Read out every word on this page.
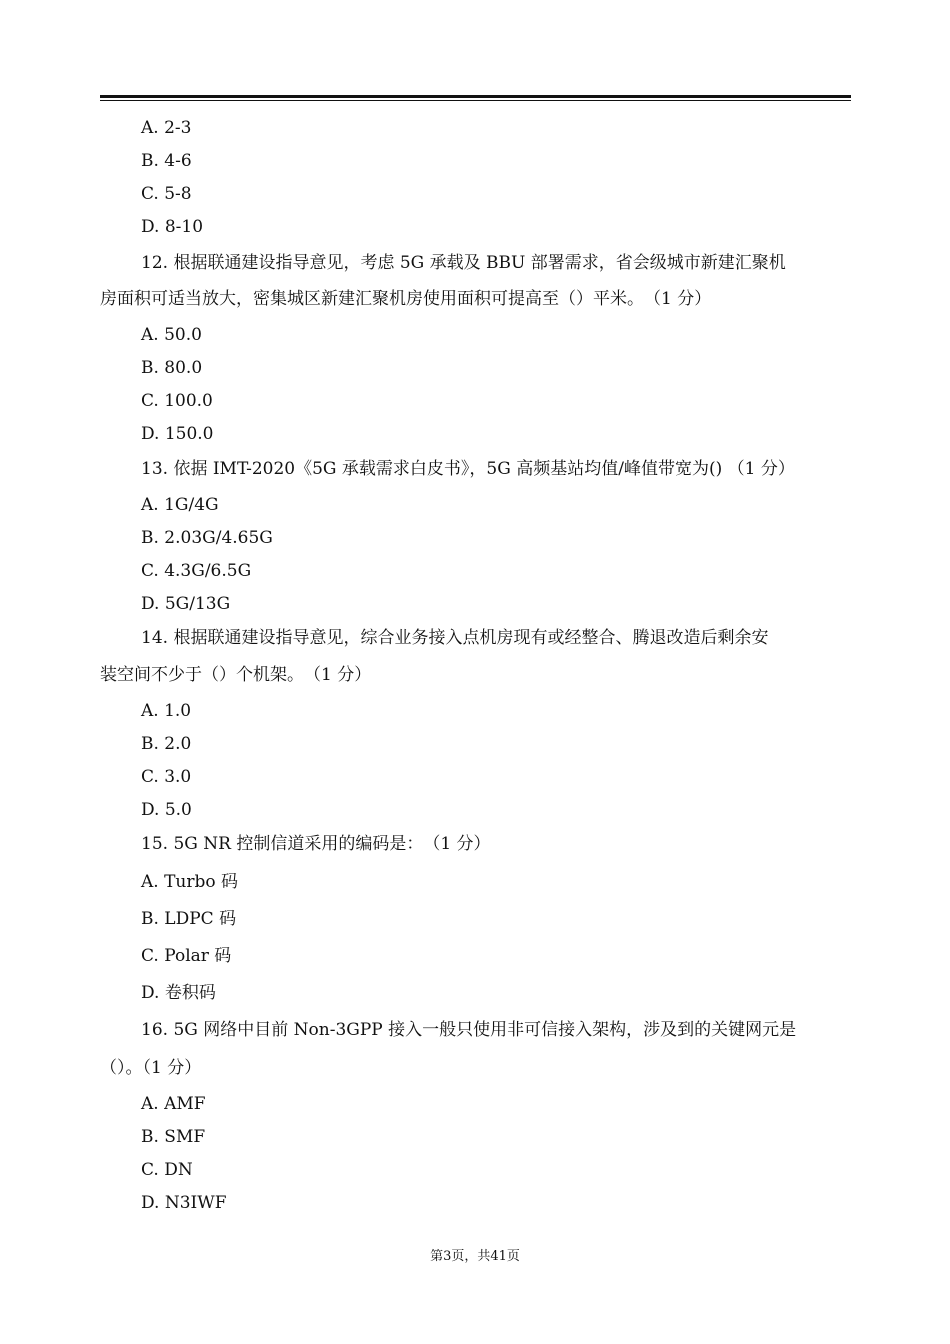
A. 2-3
B. 4-6
C. 5-8
D. 8-10
12. 根据联通建设指导意见，考虑 5G 承载及 BBU 部署需求，省会级城市新建汇聚机
房面积可适当放大，密集城区新建汇聚机房使用面积可提高至（）平米。　（1 分）
A. 50.0
B. 80.0
C. 100.0
D. 150.0
13. 依据 IMT-2020《5G 承载需求白皮书》，5G 高频基站均值/峰值带宽为() （1 分）
A. 1G/4G
B. 2.03G/4.65G
C. 4.3G/6.5G
D. 5G/13G
14. 根据联通建设指导意见，综合业务接入点机房现有或经整合、腾退改造后剩余安
装空间不少于（）个机架。　（1 分）
A. 1.0
B. 2.0
C. 3.0
D. 5.0
15. 5G NR 控制信道采用的编码是：　（1 分）
A. Turbo 码
B. LDPC 码
C. Polar 码
D. 卷积码
16. 5G 网络中目前 Non-3GPP 接入一般只使用非可信接入架构，涉及到的关键网元是
（）。（1 分）
A. AMF
B. SMF
C. DN
D. N3IWF
第3页，共41页
